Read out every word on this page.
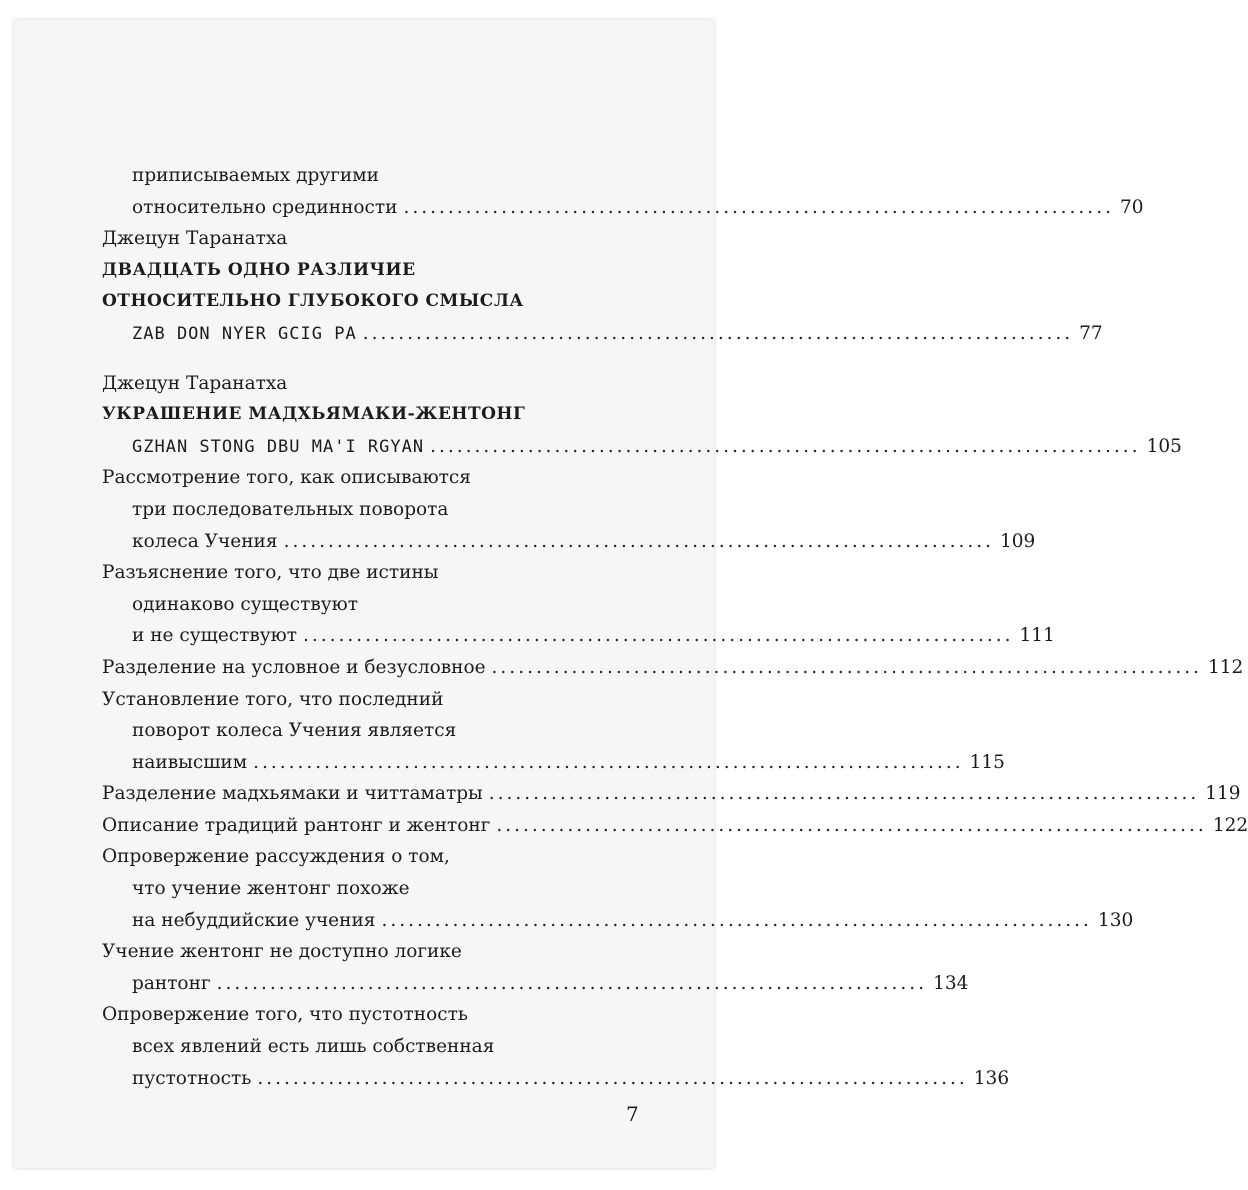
приписываемых другими
относительно срединности ................................................................................ 70
Джецун Таранатха
ДВАДЦАТЬ ОДНО РАЗЛИЧИЕ
ОТНОСИТЕЛЬНО ГЛУБОКОГО СМЫСЛА
ZAB DON NYER GCIG PA ................................................................................ 77
Джецун Таранатха
УКРАШЕНИЕ МАДХЬЯМАКИ-ЖЕНТОНГ
GZHAN STONG DBU MA'I RGYAN ................................................................................ 105
Рассмотрение того, как описываются
три последовательных поворота
колеса Учения ................................................................................ 109
Разъяснение того, что две истины
одинаково существуют
и не существуют ................................................................................ 111
Разделение на условное и безусловное ................................................................................ 112
Установление того, что последний
поворот колеса Учения является
наивысшим ................................................................................ 115
Разделение мадхьямаки и читтаматры ................................................................................ 119
Описание традиций рантонг и жентонг ................................................................................ 122
Опровержение рассуждения о том,
что учение жентонг похоже
на небуддийские учения ................................................................................ 130
Учение жентонг не доступно логике
рантонг ................................................................................ 134
Опровержение того, что пустотность
всех явлений есть лишь собственная
пустотность ................................................................................ 136
7
